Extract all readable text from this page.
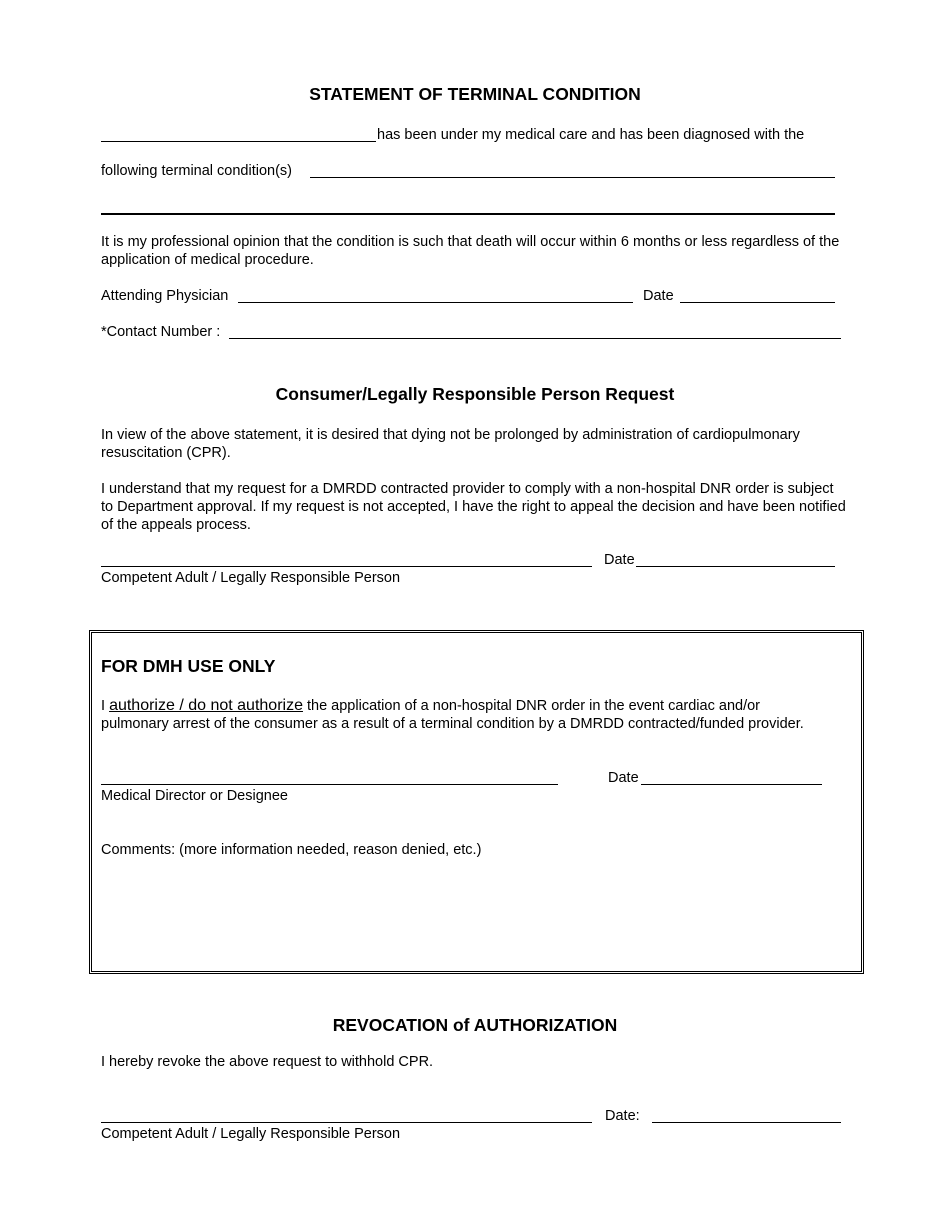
STATEMENT OF TERMINAL CONDITION
has been under my medical care and has been diagnosed with the
following terminal condition(s)
It is my professional opinion that the condition is such that death will occur within 6 months or less regardless of the application of medical procedure.
Attending Physician	Date
*Contact Number :
Consumer/Legally Responsible Person Request
In view of the above statement, it is desired that dying not be prolonged by administration of cardiopulmonary resuscitation (CPR).
I understand that my request for a DMRDD contracted provider to comply with a non-hospital DNR order is subject to Department approval. If my request is not accepted, I have the right to appeal the decision and have been notified of the appeals process.
Date
Competent Adult / Legally Responsible Person
FOR DMH USE ONLY
I authorize / do not authorize the application of a non-hospital DNR order in the event cardiac and/or pulmonary arrest of the consumer as a result of a terminal condition by a DMRDD contracted/funded provider.
Date
Medical Director or Designee
Comments: (more information needed, reason denied, etc.)
REVOCATION of AUTHORIZATION
I hereby revoke the above request to withhold CPR.
Date:
Competent Adult / Legally Responsible Person
